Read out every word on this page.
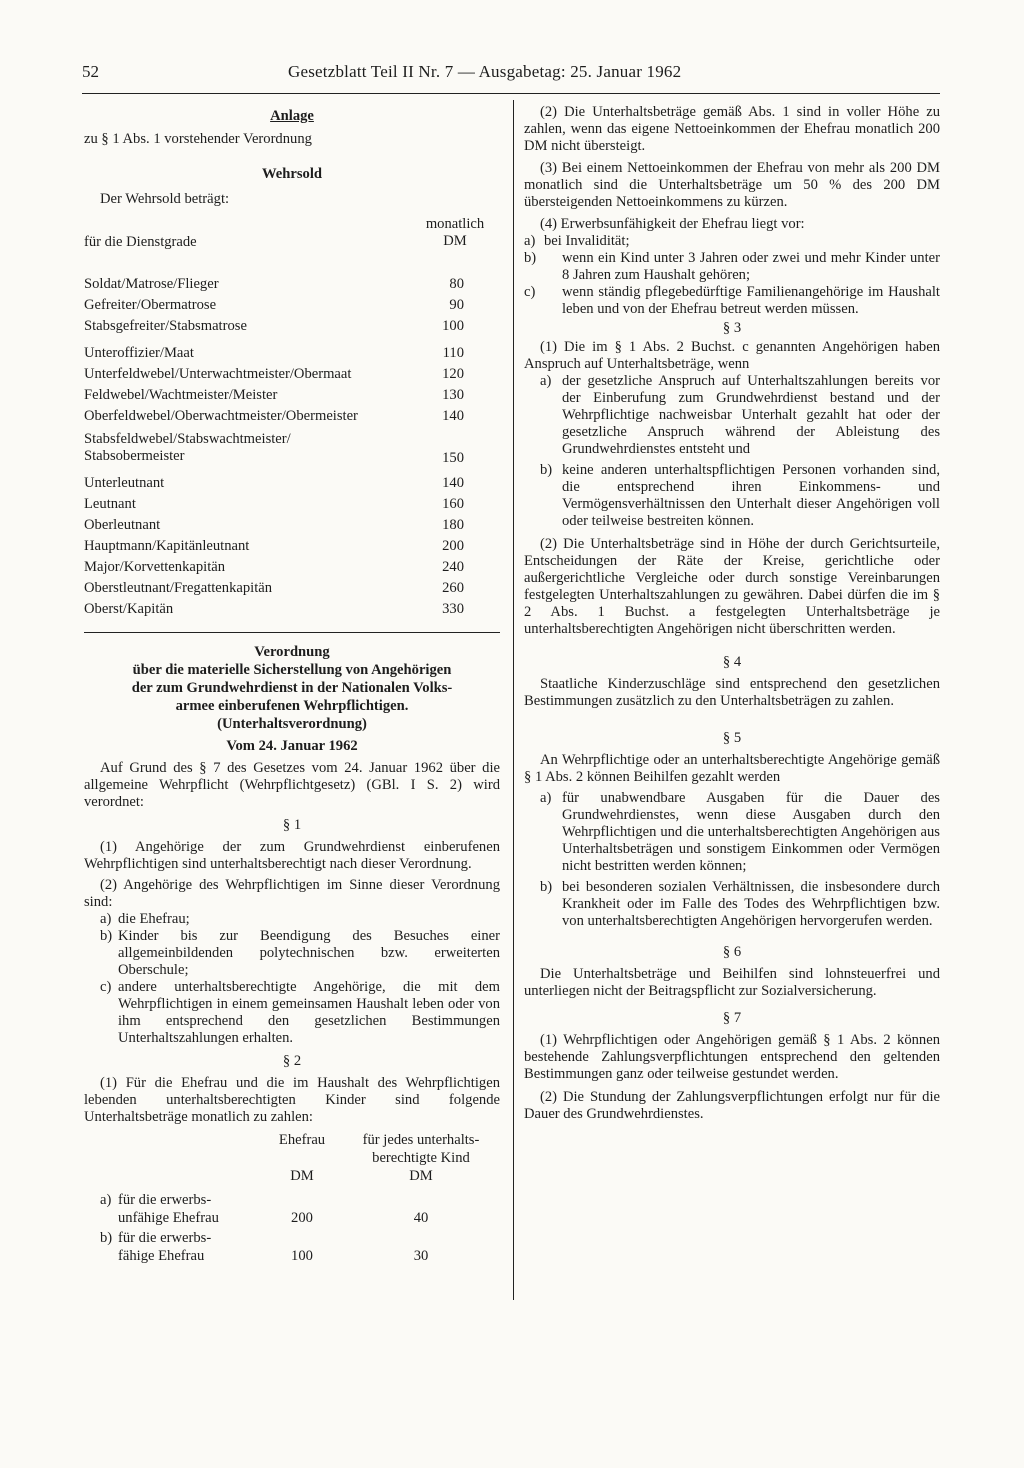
52	Gesetzblatt Teil II Nr. 7 — Ausgabetag: 25. Januar 1962

Anlage

zu § 1 Abs. 1 vorstehender Verordnung

Wehrsold

Der Wehrsold beträgt:

für die Dienstgrade
monatlich
DM
Soldat/Matrose/Flieger	80
Gefreiter/Obermatrose	90
Stabsgefreiter/Stabsmatrose	100
Unteroffizier/Maat	110
Unterfeldwebel/Unterwachtmeister/Obermaat	120
Feldwebel/Wachtmeister/Meister	130
Oberfeldwebel/Oberwachtmeister/Obermeister	140
Stabsfeldwebel/Stabswachtmeister/
Stabsobermeister	150
Unterleutnant	140
Leutnant	160
Oberleutnant	180
Hauptmann/Kapitänleutnant	200
Major/Korvettenkapitän	240
Oberstleutnant/Fregattenkapitän	260
Oberst/Kapitän	330
Verordnung
über die materielle Sicherstellung von Angehörigen
der zum Grundwehrdienst in der Nationalen Volks-
armee einberufenen Wehrpflichtigen.
(Unterhaltsverordnung)
Vom 24. Januar 1962

Auf Grund des § 7 des Gesetzes vom 24. Januar 1962 über die allgemeine Wehrpflicht (Wehrpflichtgesetz) (GBl. I S. 2) wird verordnet:

§ 1

(1) Angehörige der zum Grundwehrdienst einberufenen Wehrpflichtigen sind unterhaltsberechtigt nach dieser Verordnung.

(2) Angehörige des Wehrpflichtigen im Sinne dieser Verordnung sind:

a) die Ehefrau;
b) Kinder bis zur Beendigung des Besuches einer allgemeinbildenden polytechnischen bzw. erweiterten Oberschule;
c) andere unterhaltsberechtigte Angehörige, die mit dem Wehrpflichtigen in einem gemeinsamen Haushalt leben oder von ihm entsprechend den gesetzlichen Bestimmungen Unterhaltszahlungen erhalten.

§ 2

(1) Für die Ehefrau und die im Haushalt des Wehrpflichtigen lebenden unterhaltsberechtigten Kinder sind folgende Unterhaltsbeträge monatlich zu zahlen:

Ehefrau	für jedes unterhalts-
berechtigte Kind
DM	DM
a) für die erwerbs-
unfähige Ehefrau	200	40
b) für die erwerbs-
fähige Ehefrau	100	30

(2) Die Unterhaltsbeträge gemäß Abs. 1 sind in voller Höhe zu zahlen, wenn das eigene Nettoeinkommen der Ehefrau monatlich 200 DM nicht übersteigt.

(3) Bei einem Nettoeinkommen der Ehefrau von mehr als 200 DM monatlich sind die Unterhaltsbeträge um 50 % des 200 DM übersteigenden Nettoeinkommens zu kürzen.

(4) Erwerbsunfähigkeit der Ehefrau liegt vor:

a) bei Invalidität;
b) wenn ein Kind unter 3 Jahren oder zwei und mehr Kinder unter 8 Jahren zum Haushalt gehören;
c) wenn ständig pflegebedürftige Familienangehörige im Haushalt leben und von der Ehefrau betreut werden müssen.

§ 3

(1) Die im § 1 Abs. 2 Buchst. c genannten Angehörigen haben Anspruch auf Unterhaltsbeträge, wenn

a) der gesetzliche Anspruch auf Unterhaltszahlungen bereits vor der Einberufung zum Grundwehrdienst bestand und der Wehrpflichtige nachweisbar Unterhalt gezahlt hat oder der gesetzliche Anspruch während der Ableistung des Grundwehrdienstes entsteht und
b) keine anderen unterhaltspflichtigen Personen vorhanden sind, die entsprechend ihren Einkommens- und Vermögensverhältnissen den Unterhalt dieser Angehörigen voll oder teilweise bestreiten können.

(2) Die Unterhaltsbeträge sind in Höhe der durch Gerichtsurteile, Entscheidungen der Räte der Kreise, gerichtliche oder außergerichtliche Vergleiche oder durch sonstige Vereinbarungen festgelegten Unterhaltszahlungen zu gewähren. Dabei dürfen die im § 2 Abs. 1 Buchst. a festgelegten Unterhaltsbeträge je unterhaltsberechtigten Angehörigen nicht überschritten werden.

§ 4

Staatliche Kinderzuschläge sind entsprechend den gesetzlichen Bestimmungen zusätzlich zu den Unterhaltsbeträgen zu zahlen.

§ 5

An Wehrpflichtige oder an unterhaltsberechtigte Angehörige gemäß § 1 Abs. 2 können Beihilfen gezahlt werden

a) für unabwendbare Ausgaben für die Dauer des Grundwehrdienstes, wenn diese Ausgaben durch den Wehrpflichtigen und die unterhaltsberechtigten Angehörigen aus Unterhaltsbeträgen und sonstigem Einkommen oder Vermögen nicht bestritten werden können;
b) bei besonderen sozialen Verhältnissen, die insbesondere durch Krankheit oder im Falle des Todes des Wehrpflichtigen bzw. von unterhaltsberechtigten Angehörigen hervorgerufen werden.

§ 6

Die Unterhaltsbeträge und Beihilfen sind lohnsteuerfrei und unterliegen nicht der Beitragspflicht zur Sozialversicherung.

§ 7

(1) Wehrpflichtigen oder Angehörigen gemäß § 1 Abs. 2 können bestehende Zahlungsverpflichtungen entsprechend den geltenden Bestimmungen ganz oder teilweise gestundet werden.

(2) Die Stundung der Zahlungsverpflichtungen erfolgt nur für die Dauer des Grundwehrdienstes.
